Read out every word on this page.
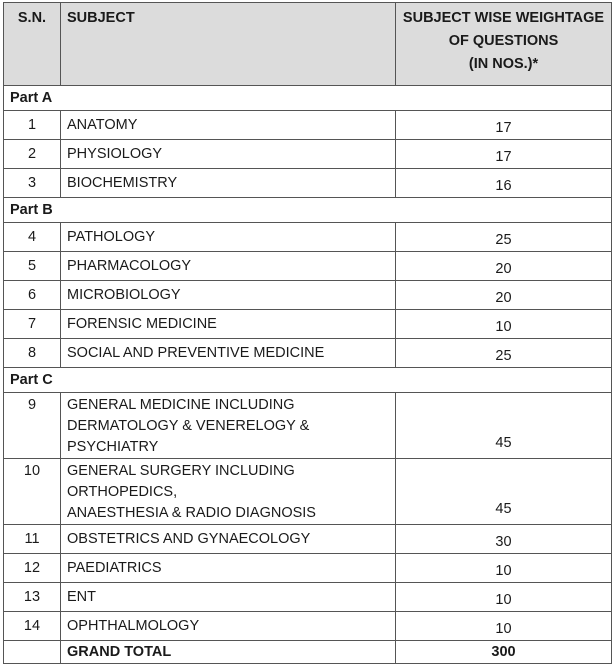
S.N.	SUBJECT	SUBJECT WISE WEIGHTAGE
OF QUESTIONS
(IN NOS.)*

Part A		
1	ANATOMY	17
2	PHYSIOLOGY	17
3	BIOCHEMISTRY	16
Part B		
4	PATHOLOGY	25
5	PHARMACOLOGY	20
6	MICROBIOLOGY	20
7	FORENSIC MEDICINE	10
8	SOCIAL AND PREVENTIVE MEDICINE	25
Part C		
9	GENERAL MEDICINE INCLUDING
DERMATOLOGY & VENERELOGY & PSYCHIATRY	45
10	GENERAL SURGERY INCLUDING ORTHOPEDICS,
ANAESTHESIA & RADIO DIAGNOSIS	45
11	OBSTETRICS AND GYNAECOLOGY	30
12	PAEDIATRICS	10
13	ENT	10
14	OPHTHALMOLOGY	10
	GRAND TOTAL	300
